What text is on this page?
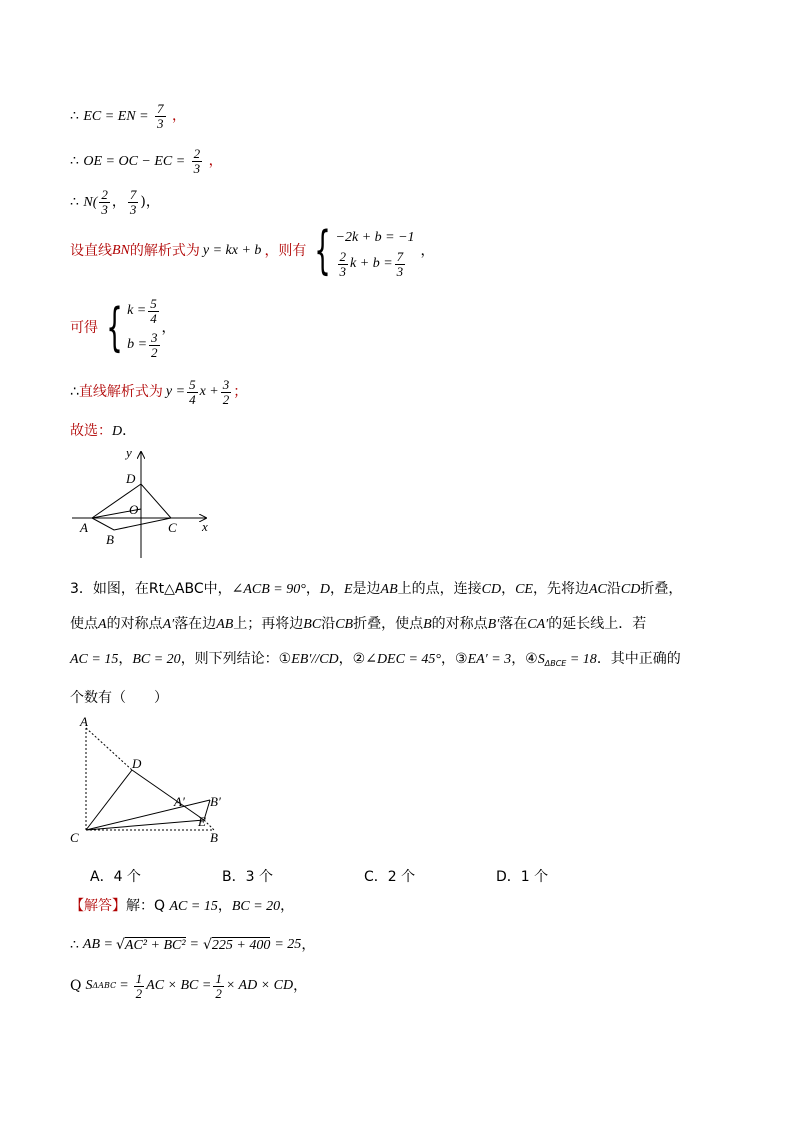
∴ EC = EN = $\frac{7}{3}$ ，
∴ OE = OC − EC = $\frac{2}{3}$ ，
∴ $N( \frac{2}{3}$ ， $\frac{7}{3}$ )，
设直线 BN 的解析式为 y = kx + b ，则有 { −2k + b = −1
$\frac{2}{3}$ $k + b = \frac{7}{3}$ ，
可得 { $k = \frac{5}{4}$
$b = \frac{3}{2}$
，
∴ 直线解析式为 $y = \frac{5}{4}$ $x + \frac{3}{2}$ ；
故选：D．
y
x
D
O
A
B
C
3．如图，在Rt△ABC中，∠ACB = 90°，D，E是边AB上的点，连接CD，CE，先将边AC沿CD折叠，
使点A的对称点A′落在边AB上；再将边BC沿CB折叠，使点B的对称点B′落在CA′的延长线上．若
AC = 15，BC = 20，则下列结论：①EB′//CD，②∠DEC = 45°，③EA′ = 3，$④S_{\Delta BCE} = 18$．其中正确的
个数有（　　）
A
D
A′ B′
E
C	B
A．4 个	B．3 个	C．2 个	D．1 个
【解答】解：Q AC = 15，BC = 20，
∴ AB = √ AC² + BC² = √ 225 + 400 = 25 ，
Q S $\Delta ABC = \frac{1}{2}$ AC × BC = $\frac{1}{2}$ × AD × CD ，
